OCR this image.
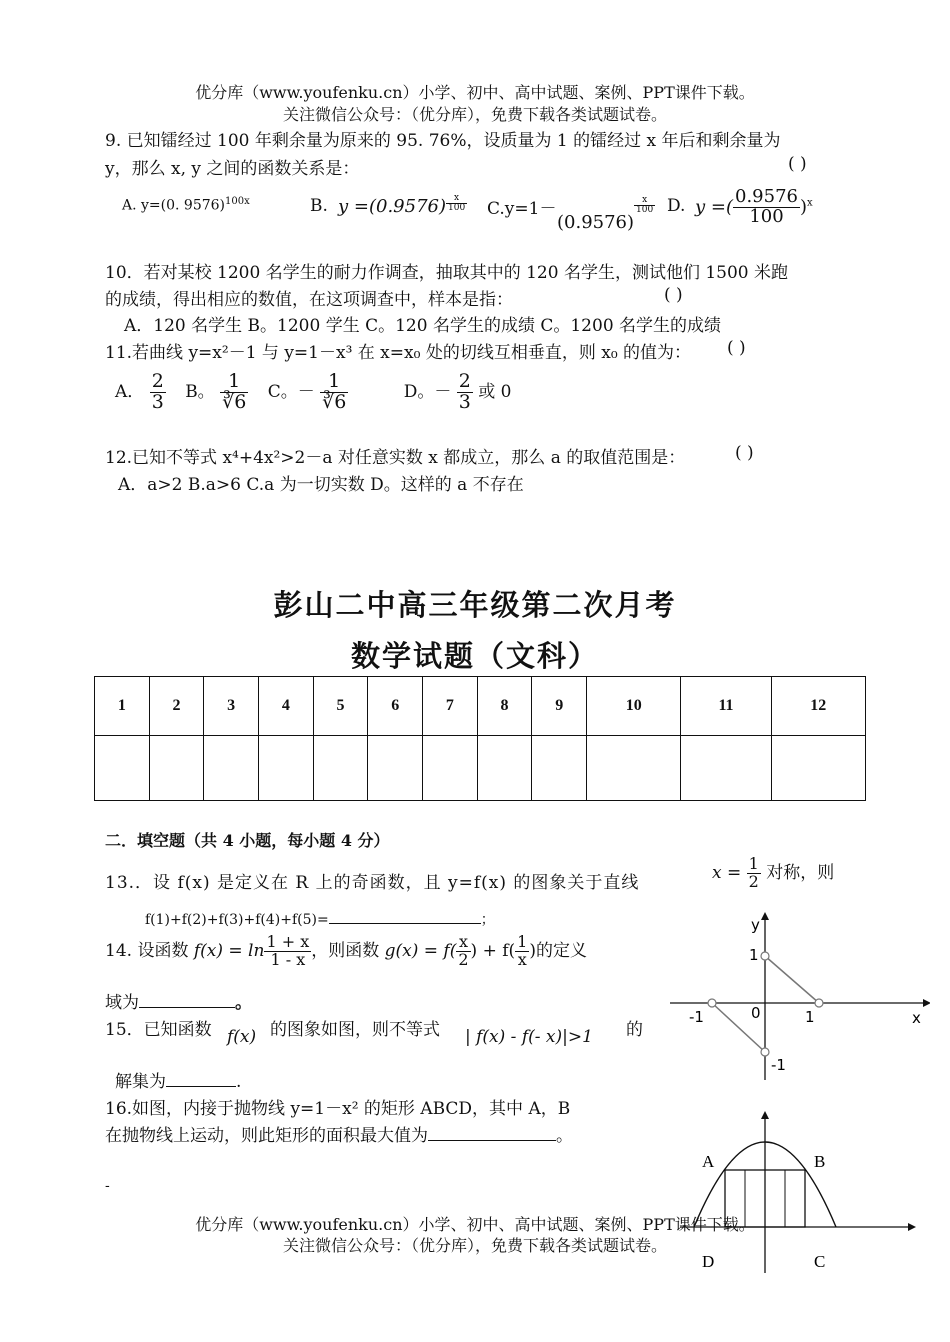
优分库（www.youfenku.cn）小学、初中、高中试题、案例、PPT课件下载。
关注微信公众号：（优分库），免费下载各类试题试卷。
9. 已知镭经过 100 年剩余量为原来的 95. 76%，设质量为 1 的镭经过 x 年后和剩余量为
y，那么 x, y 之间的函数关系是：	( )
A. y=(0. 9576)$^{100x}$	B. $y =(0.9576) \frac{x}{100} C.y=1-$
(0.9576)
$\frac{x}{100} D$. y =( $\frac{0.9576}{100} )^x$
10．若对某校 1200 名学生的耐力作调查，抽取其中的 120 名学生，测试他们 1500 米跑
的成绩，得出相应的数值，在这项调查中，样本是指：	( )
A．120 名学生 B。1200 学生 C。120 名学生的成绩 C。1200 名学生的成绩
11.若曲线 y=x²－1 与 y=1－x³ 在 x=x₀ 处的切线互相垂直，则 x₀ 的值为： ( )
A． $\frac{2}{3}$ B。 $\frac{1}{∛6}$ C。－ $\frac{1}{∛6}$	D。－ $\frac{2}{3}$ 或 0
12.已知不等式 x⁴+4x²>2－a 对任意实数 x 都成立，那么 a 的取值范围是：	( )
A．a>2 B.a>6 C.a 为一切实数 D。这样的 a 不存在
彭山二中高三年级第二次月考
数学试题（文科）
1	2	3	4	5	6	7	8	9	10	11	12

二．填空题（共 4 小题，每小题 4 分）
13.．设 f(x) 是定义在 R 上的奇函数，且 y=f(x) 的图象关于直线
$x = \frac{1}{2}$ 对称，则
f(1)+f(2)+f(3)+f(4)+f(5)=	；
14. 设函数 $f(x) = \ln \frac{1 + x}{1 - x}$ ，则函数 $g(x) = f( \frac{x}{2}$ ) + $f( \frac{1}{x}$ )的定义
域为	。
15．已知函数 f(x) 的图象如图，则不等式 | f(x) - f(- x)|>1 的
解集为	.
16.如图，内接于抛物线 y=1－x² 的矩形 ABCD，其中 A，B
在抛物线上运动，则此矩形的面积最大值为	。
-
y
x
1
-1	0	1
-1
A	B
C
D
优分库（www.youfenku.cn）小学、初中、高中试题、案例、PPT课件下载。
关注微信公众号：（优分库），免费下载各类试题试卷。
